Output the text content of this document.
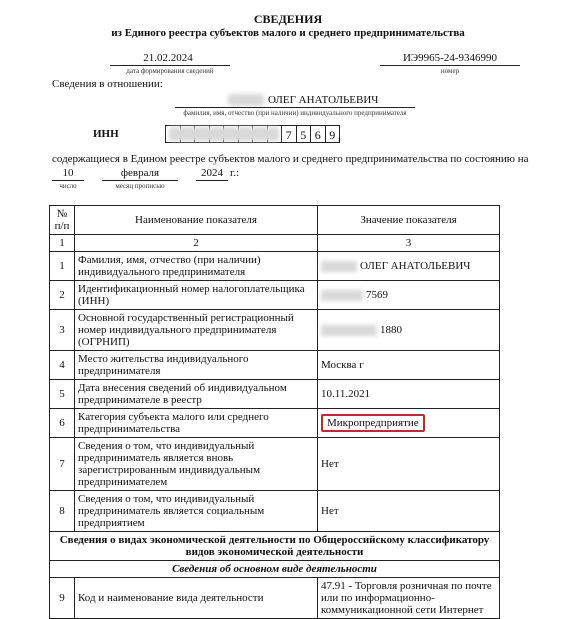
СВЕДЕНИЯ
из Единого реестра субъектов малого и среднего предпринимательства
21.02.2024
дата формирования сведений
ИЭ9965-24-9346990
номер
Сведения в отношении:
ОЛЕГ АНАТОЛЬЕВИЧ
фамилия, имя, отчество (при наличии) индивидуального предпринимателя
ИНН	7 5 6 9 ,
содержащиеся в Едином реестре субъектов малого и среднего предпринимательства по состоянию на
10
число
февраля
месяц прописью
2024 г.:
№ п/п	Наименование показателя	Значение показателя
1	2	3
1	Фамилия, имя, отчество (при наличии) индивидуального предпринимателя	ОЛЕГ АНАТОЛЬЕВИЧ
2	Идентификационный номер налогоплательщика (ИНН)	7569
3	Основной государственный регистрационный номер индивидуального предпринимателя (ОГРНИП)	1880
4	Место жительства индивидуального предпринимателя	Москва г
5	Дата внесения сведений об индивидуальном предпринимателе в реестр	10.11.2021
6	Категория субъекта малого или среднего предпринимательства	Микропредприятие
7	Сведения о том, что индивидуальный предприниматель является вновь зарегистрированным индивидуальным предпринимателем	Нет
8	Сведения о том, что индивидуальный предприниматель является социальным предприятием	Нет
Сведения о видах экономической деятельности по Общероссийскому классификатору видов экономической деятельности		
Сведения об основном виде деятельности		
9	Код и наименование вида деятельности	47.91 - Торговля розничная по почте или по информационно-коммуникационной сети Интернет
